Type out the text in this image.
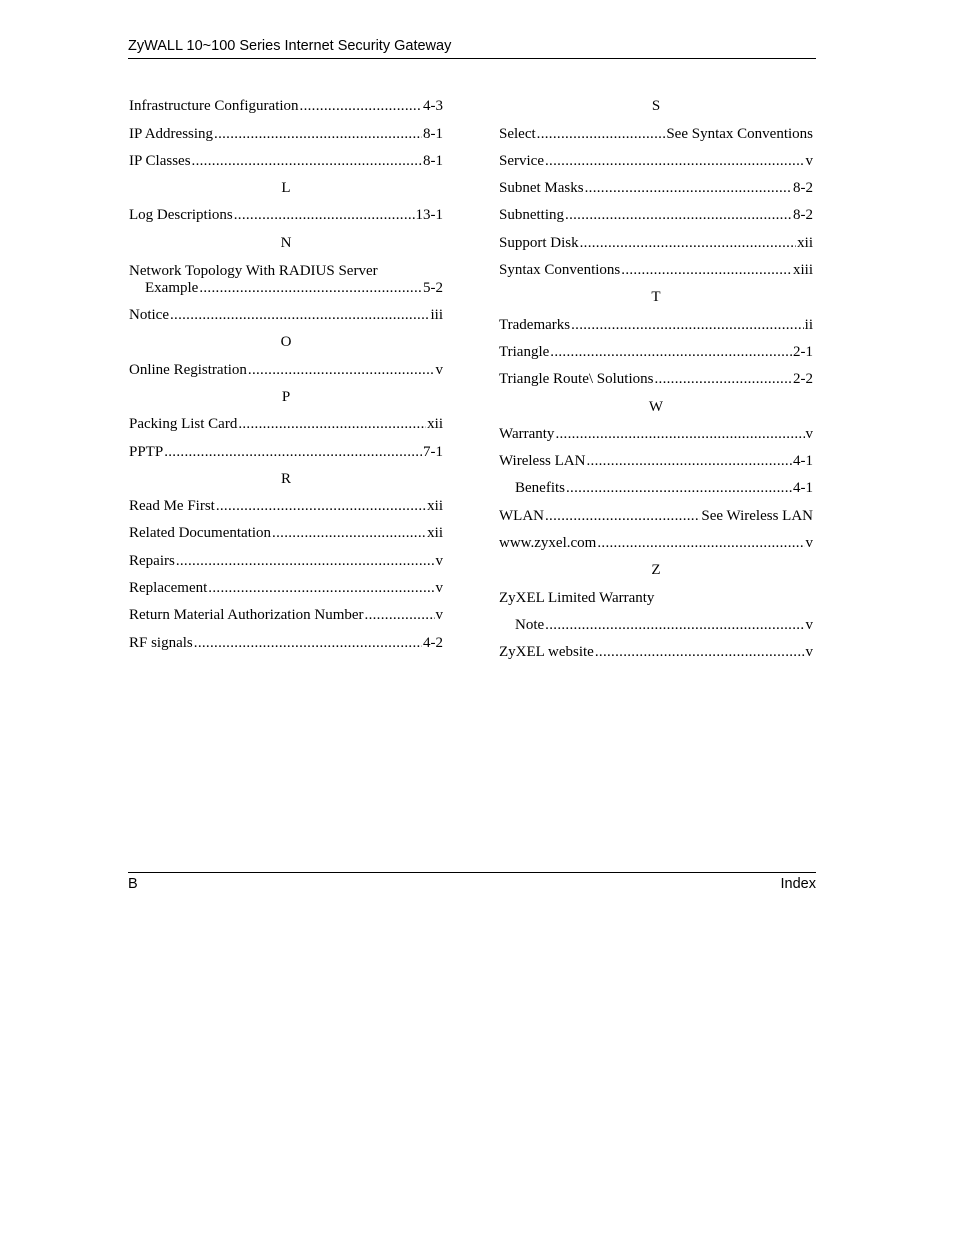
ZyWALL 10~100 Series Internet Security Gateway
Infrastructure Configuration .....	4-3
IP Addressing .....	8-1
IP Classes .....	8-1
L
Log Descriptions .....	13-1
N
Network Topology With RADIUS Server
Example .....	5-2
Notice .....	iii
O
Online Registration .....	v
P
Packing List Card .....	xii
PPTP .....	7-1
R
Read Me First .....	xii
Related Documentation .....	xii
Repairs .....	v
Replacement .....	v
Return Material Authorization Number .....	v
RF signals .....	4-2
S
Select .....	See Syntax Conventions
Service .....	v
Subnet Masks .....	8-2
Subnetting .....	8-2
Support Disk .....	xii
Syntax Conventions .....	xiii
T
Trademarks .....	ii
Triangle .....	2-1
Triangle Route\ Solutions .....	2-2
W
Warranty .....	v
Wireless LAN .....	4-1
Benefits .....	4-1
WLAN .....	See Wireless LAN
www.zyxel.com .....	v
Z
ZyXEL Limited Warranty
Note .....	v
ZyXEL website .....	v
B	Index
